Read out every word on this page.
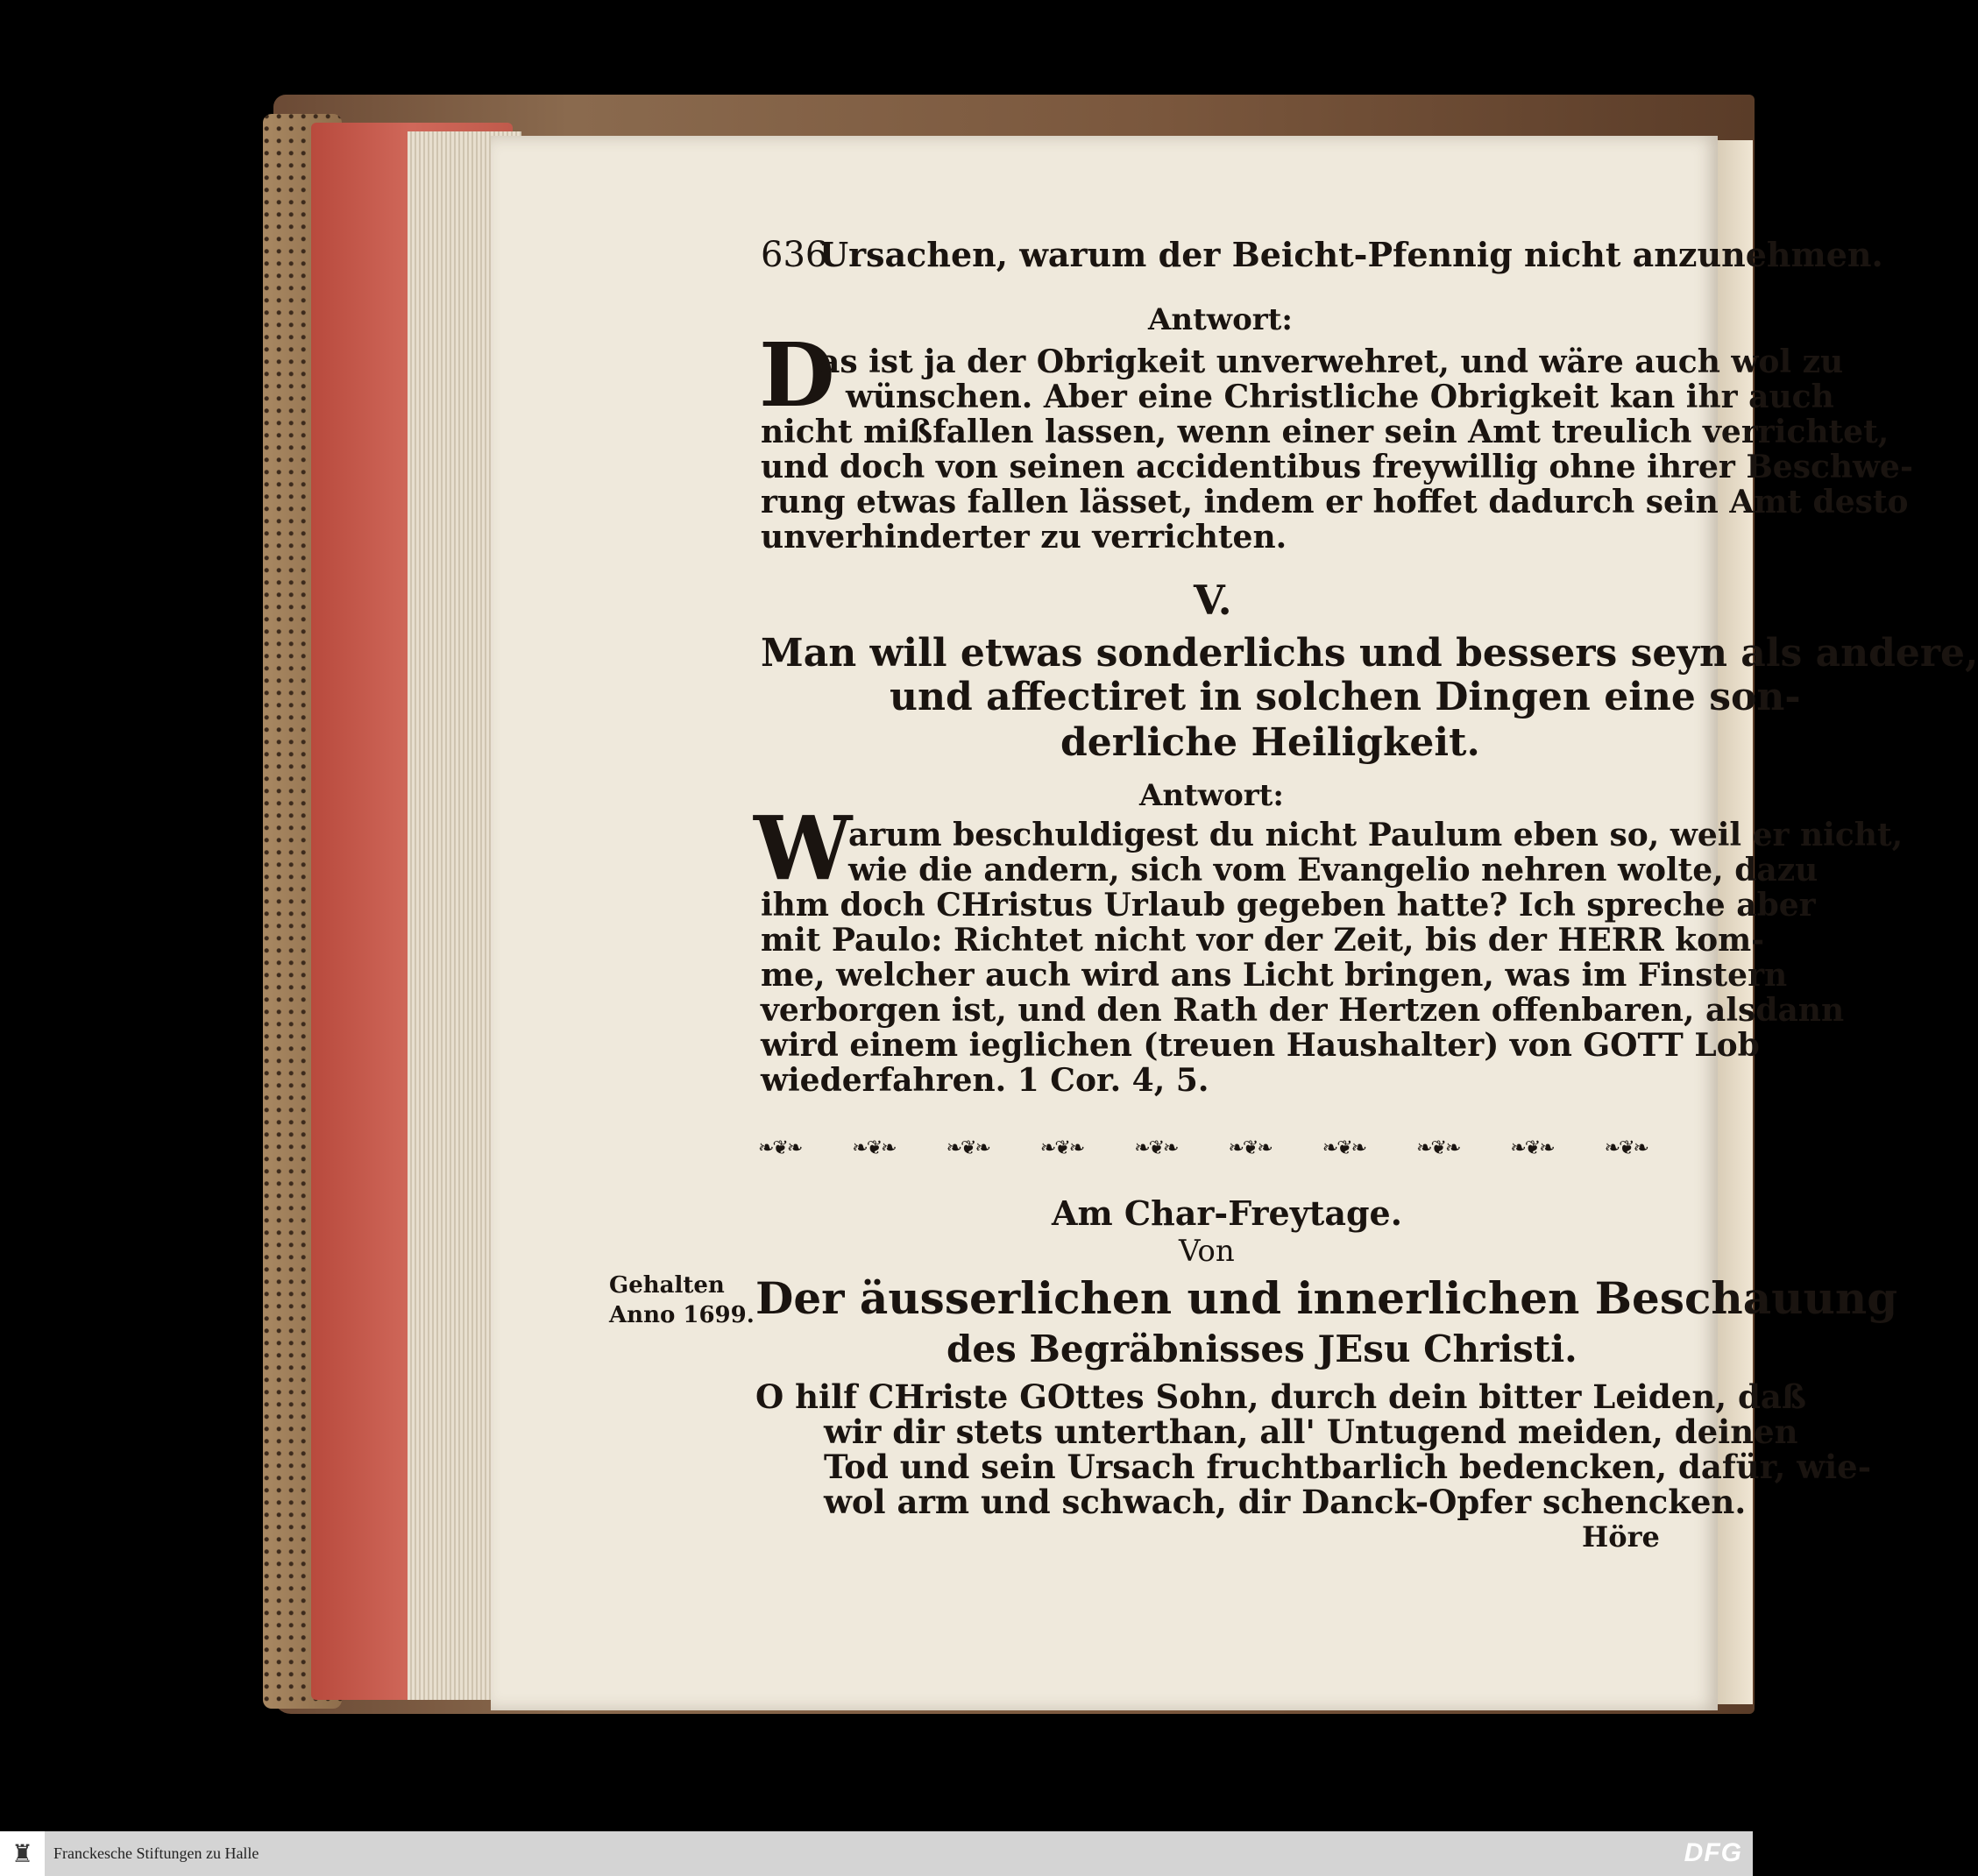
636
Ursachen, warum der Beicht-Pfennig nicht anzunehmen.
Antwort:
D
as ist ja der Obrigkeit unverwehret, und wäre auch wol zu
wünschen. Aber eine Christliche Obrigkeit kan ihr auch
nicht mißfallen lassen, wenn einer sein Amt treulich verrichtet,
und doch von seinen accidentibus freywillig ohne ihrer Beschwe-
rung etwas fallen lässet, indem er hoffet dadurch sein Amt desto
unverhinderter zu verrichten.
V.
Man will etwas sonderlichs und bessers seyn als andere,
und affectiret in solchen Dingen eine son-
derliche Heiligkeit.
Antwort:
W
arum beschuldigest du nicht Paulum eben so, weil er nicht,
wie die andern, sich vom Evangelio nehren wolte, dazu
ihm doch CHristus Urlaub gegeben hatte? Ich spreche aber
mit Paulo: Richtet nicht vor der Zeit, bis der HERR kom-
me, welcher auch wird ans Licht bringen, was im Finstern
verborgen ist, und den Rath der Hertzen offenbaren, alsdann
wird einem ieglichen (treuen Haushalter) von GOTT Lob
wiederfahren. 1 Cor. 4, 5.
❧❦❧	❧❦❧	❧❦❧	❧❦❧	❧❦❧	❧❦❧	❧❦❧	❧❦❧	❧❦❧	❧❦❧
Am Char-Freytage.
Von
Gehalten
Anno 1699. Der äusserlichen und innerlichen Beschauung
des Begräbnisses JEsu Christi.
O hilf CHriste GOttes Sohn, durch dein bitter Leiden, daß
wir dir stets unterthan, all' Untugend meiden, deinen
Tod und sein Ursach fruchtbarlich bedencken, dafür, wie-
wol arm und schwach, dir Danck-Opfer schencken.
Höre
♜	Franckesche Stiftungen zu Halle	DFG
